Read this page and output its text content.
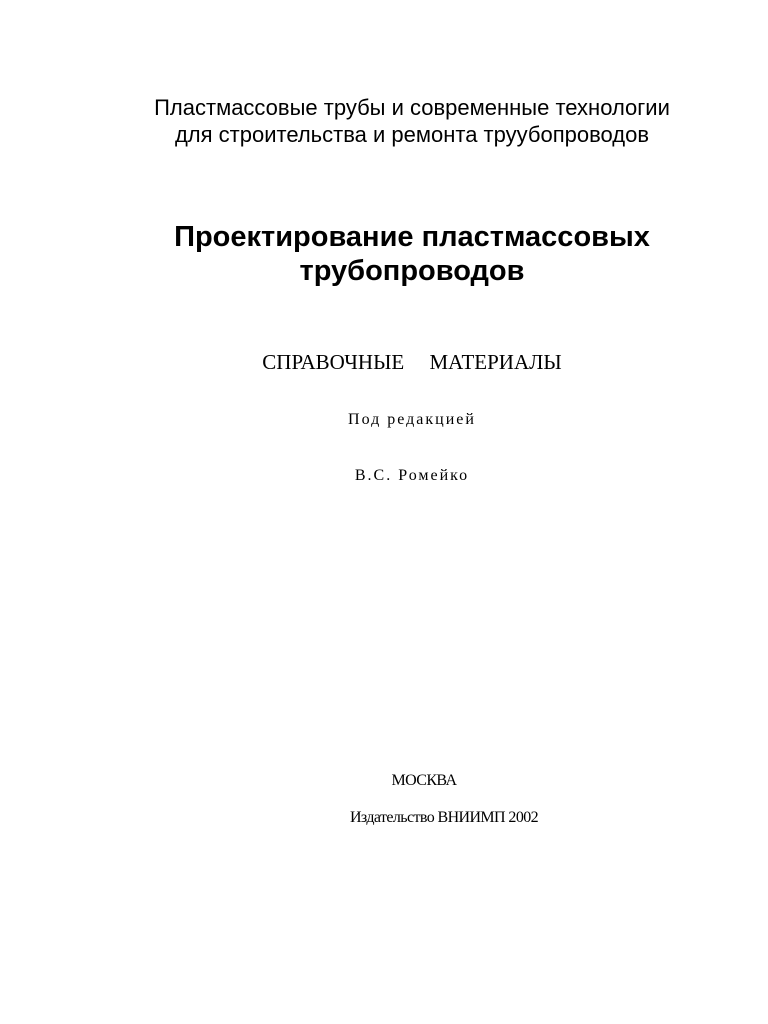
Пластмассовые трубы и современные технологии

для строительства и ремонта труубопроводов

Проектирование пластмассовых
трубопроводов

СПРАВОЧНЫЕ МАТЕРИАЛЫ

Под редакцией

В.С. Ромейко

МОСКВА

Издательство ВНИИМП 2002
